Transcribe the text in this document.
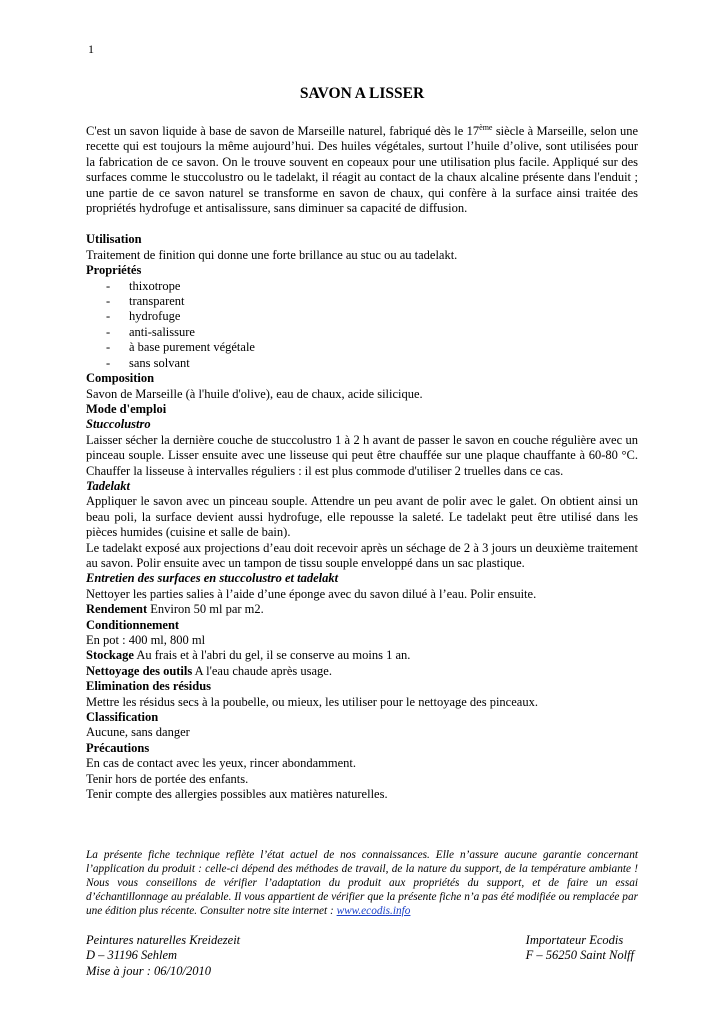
1
SAVON A LISSER

C'est un savon liquide à base de savon de Marseille naturel, fabriqué dès le 17ème siècle à Marseille, selon une recette qui est toujours la même aujourd’hui. Des huiles végétales, surtout l’huile d’olive, sont utilisées pour la fabrication de ce savon. On le trouve souvent en copeaux pour une utilisation plus facile. Appliqué sur des surfaces comme le stuccolustro ou le tadelakt, il réagit au contact de la chaux alcaline présente dans l'enduit ; une partie de ce savon naturel se transforme en savon de chaux, qui confère à la surface ainsi traitée des propriétés hydrofuge et antisalissure, sans diminuer sa capacité de diffusion.

Utilisation
Traitement de finition qui donne une forte brillance au stuc ou au tadelakt.
Propriétés
- thixotrope
- transparent
- hydrofuge
- anti-salissure
- à base purement végétale
- sans solvant
Composition
Savon de Marseille (à l'huile d'olive), eau de chaux, acide silicique.
Mode d'emploi
Stuccolustro
Laisser sécher la dernière couche de stuccolustro 1 à 2 h avant de passer le savon en couche régulière avec un pinceau souple. Lisser ensuite avec une lisseuse qui peut être chauffée sur une plaque chauffante à 60-80 °C. Chauffer la lisseuse à intervalles réguliers : il est plus commode d'utiliser 2 truelles dans ce cas.
Tadelakt
Appliquer le savon avec un pinceau souple. Attendre un peu avant de polir avec le galet. On obtient ainsi un beau poli, la surface devient aussi hydrofuge, elle repousse la saleté. Le tadelakt peut être utilisé dans les pièces humides (cuisine et salle de bain).
Le tadelakt exposé aux projections d’eau doit recevoir après un séchage de 2 à 3 jours un deuxième traitement au savon. Polir ensuite avec un tampon de tissu souple enveloppé dans un sac plastique.
Entretien des surfaces en stuccolustro et tadelakt
Nettoyer les parties salies à l’aide d’une éponge avec du savon dilué à l’eau. Polir ensuite.
Rendement Environ 50 ml par m2.
Conditionnement
En pot : 400 ml, 800 ml
Stockage Au frais et à l'abri du gel, il se conserve au moins 1 an.
Nettoyage des outils A l'eau chaude après usage.
Elimination des résidus
Mettre les résidus secs à la poubelle, ou mieux, les utiliser pour le nettoyage des pinceaux.
Classification
Aucune, sans danger
Précautions
En cas de contact avec les yeux, rincer abondamment.
Tenir hors de portée des enfants.
Tenir compte des allergies possibles aux matières naturelles.
La présente fiche technique reflète l’état actuel de nos connaissances. Elle n’assure aucune garantie concernant l’application du produit : celle-ci dépend des méthodes de travail, de la nature du support, de la température ambiante ! Nous vous conseillons de vérifier l’adaptation du produit aux propriétés du support, et de faire un essai d’échantillonnage au préalable. Il vous appartient de vérifier que la présente fiche n’a pas été modifiée ou remplacée par une édition plus récente. Consulter notre site internet : www.ecodis.info
Peintures naturelles Kreidezeit
D – 31196 Sehlem
Mise à jour : 06/10/2010
Importateur Ecodis
F – 56250 Saint Nolff
